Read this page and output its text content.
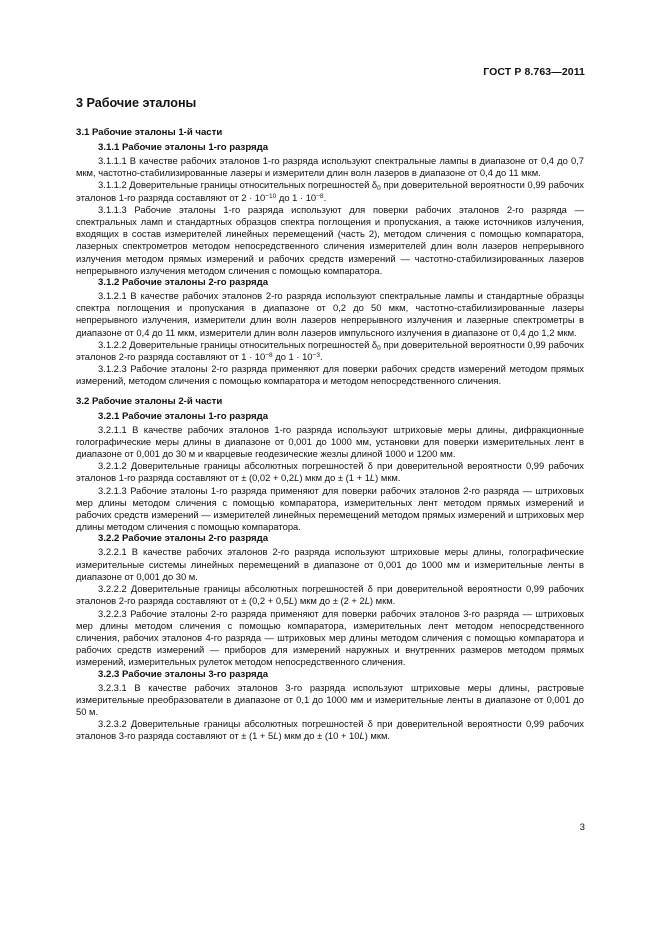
ГОСТ Р 8.763—2011
3 Рабочие эталоны
3.1 Рабочие эталоны 1-й части
3.1.1 Рабочие эталоны 1-го разряда

3.1.1.1 В качестве рабочих эталонов 1-го разряда используют спектральные лампы в диапазоне от 0,4 до 0,7 мкм, частотно-стабилизированные лазеры и измерители длин волн лазеров в диапазоне от 0,4 до 11 мкм.

3.1.1.2 Доверительные границы относительных погрешностей $\delta_0$ при доверительной вероятности 0,99 рабочих эталонов 1-го разряда составляют от $2 \cdot 10^{-10}$ до $1 \cdot 10^{-8}$.

3.1.1.3 Рабочие эталоны 1-го разряда используют для поверки рабочих эталонов 2-го разряда — спектральных ламп и стандартных образцов спектра поглощения и пропускания, а также источников излучения, входящих в состав измерителей линейных перемещений (часть 2), методом сличения с помощью компаратора, лазерных спектрометров методом непосредственного сличения измерителей длин волн лазеров непрерывного излучения методом прямых измерений и рабочих средств измерений — частотно-стабилизированных лазеров непрерывного излучения методом сличения с помощью компаратора.

3.1.2 Рабочие эталоны 2-го разряда

3.1.2.1 В качестве рабочих эталонов 2-го разряда используют спектральные лампы и стандартные образцы спектра поглощения и пропускания в диапазоне от 0,2 до 50 мкм, частотно-стабилизированные лазеры непрерывного излучения, измерители длин волн лазеров непрерывного излучения и лазерные спектрометры в диапазоне от 0,4 до 11 мкм, измерители длин волн лазеров импульсного излучения в диапазоне от 0,4 до 1,2 мкм.

3.1.2.2 Доверительные границы относительных погрешностей $\delta_0$ при доверительной вероятности 0,99 рабочих эталонов 2-го разряда составляют от $1 \cdot 10^{-8}$ до $1 \cdot 10^{-3}$.

3.1.2.3 Рабочие эталоны 2-го разряда применяют для поверки рабочих средств измерений методом прямых измерений, методом сличения с помощью компаратора и методом непосредственного сличения.

3.2 Рабочие эталоны 2-й части
3.2.1 Рабочие эталоны 1-го разряда

3.2.1.1 В качестве рабочих эталонов 1-го разряда используют штриховые меры длины, дифракционные голографические меры длины в диапазоне от 0,001 до 1000 мм, установки для поверки измерительных лент в диапазоне от 0,001 до 30 м и кварцевые геодезические жезлы длиной 1000 и 1200 мм.

3.2.1.2 Доверительные границы абсолютных погрешностей δ при доверительной вероятности 0,99 рабочих эталонов 1-го разряда составляют от ± (0,02 + 0,2L) мкм до ± (1 + 1L) мкм.

3.2.1.3 Рабочие эталоны 1-го разряда применяют для поверки рабочих эталонов 2-го разряда — штриховых мер длины методом сличения с помощью компаратора, измерительных лент методом прямых измерений и рабочих средств измерений — измерителей линейных перемещений методом прямых измерений и штриховых мер длины методом сличения с помощью компаратора.

3.2.2 Рабочие эталоны 2-го разряда

3.2.2.1 В качестве рабочих эталонов 2-го разряда используют штриховые меры длины, голографические измерительные системы линейных перемещений в диапазоне от 0,001 до 1000 мм и измерительные ленты в диапазоне от 0,001 до 30 м.

3.2.2.2 Доверительные границы абсолютных погрешностей δ при доверительной вероятности 0,99 рабочих эталонов 2-го разряда составляют от ± (0,2 + 0,5L) мкм до ± (2 + 2L) мкм.

3.2.2.3 Рабочие эталоны 2-го разряда применяют для поверки рабочих эталонов 3-го разряда — штриховых мер длины методом сличения с помощью компаратора, измерительных лент методом непосредственного сличения, рабочих эталонов 4-го разряда — штриховых мер длины методом сличения с помощью компаратора и рабочих средств измерений — приборов для измерений наружных и внутренних размеров методом прямых измерений, измерительных рулеток методом непосредственного сличения.

3.2.3 Рабочие эталоны 3-го разряда

3.2.3.1 В качестве рабочих эталонов 3-го разряда используют штриховые меры длины, растровые измерительные преобразователи в диапазоне от 0,1 до 1000 мм и измерительные ленты в диапазоне от 0,001 до 50 м.

3.2.3.2 Доверительные границы абсолютных погрешностей δ при доверительной вероятности 0,99 рабочих эталонов 3-го разряда составляют от ± (1 + 5L) мкм до ± (10 + 10L) мкм.

3
